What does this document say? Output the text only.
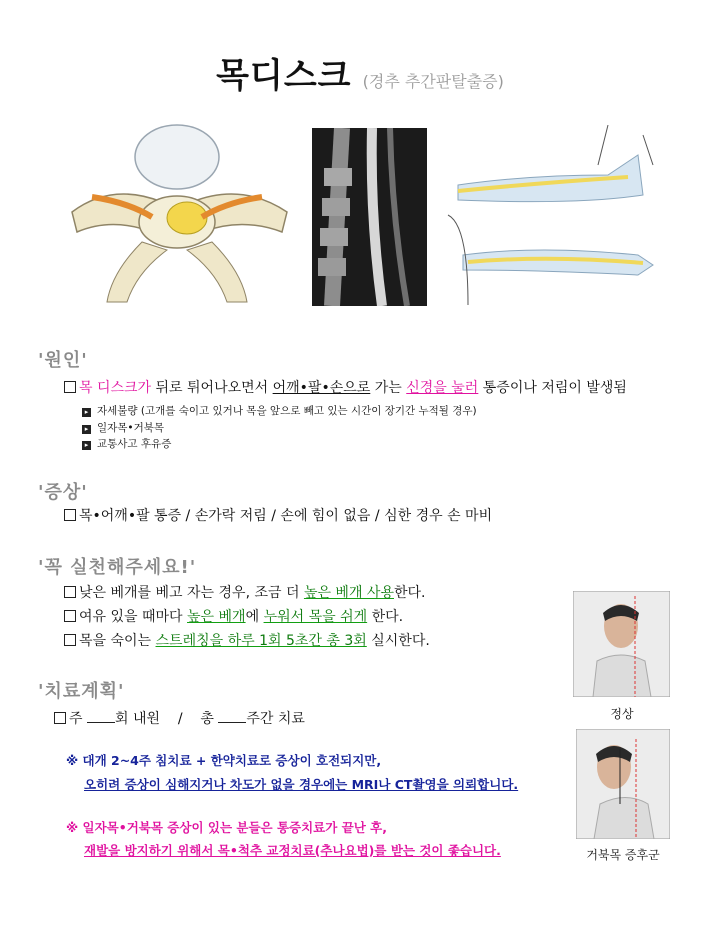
목디스크 (경추 추간판탈출증)
'원인'
목 디스크가 뒤로 튀어나오면서 어깨•팔•손으로 가는 신경을 눌러 통증이나 저림이 발생됨
▸ 자세불량 (고개를 숙이고 있거나 목을 앞으로 빼고 있는 시간이 장기간 누적될 경우)
▸ 일자목•거북목
▸ 교통사고 후유증
'증상'
목•어깨•팔 통증 / 손가락 저림 / 손에 힘이 없음 / 심한 경우 손 마비
'꼭 실천해주세요!'
낮은 베개를 베고 자는 경우, 조금 더 높은 베개 사용한다.
여유 있을 때마다 높은 베개에 누워서 목을 쉬게 한다.
목을 숙이는 스트레칭을 하루 1회 5초간 총 3회 실시한다.
'치료계획'
주 회 내원 / 총 주간 치료
※ 대개 2~4주 침치료 + 한약치료로 증상이 호전되지만,
오히려 증상이 심해지거나 차도가 없을 경우에는 MRI나 CT촬영을 의뢰합니다.
※ 일자목•거북목 증상이 있는 분들은 통증치료가 끝난 후,
재발을 방지하기 위해서 목•척추 교정치료(추나요법)를 받는 것이 좋습니다.
정상
거북목 증후군
